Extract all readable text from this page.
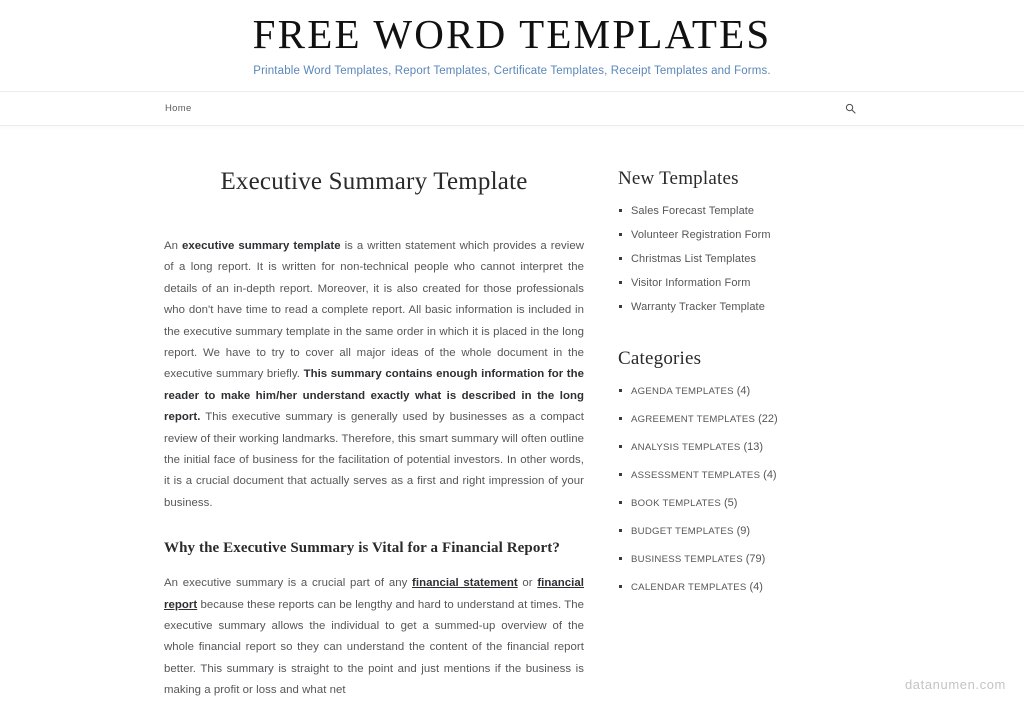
FREE WORD TEMPLATES
Printable Word Templates, Report Templates, Certificate Templates, Receipt Templates and Forms.
Home
Executive Summary Template

An executive summary template is a written statement which provides a review of a long report. It is written for non-technical people who cannot interpret the details of an in-depth report. Moreover, it is also created for those professionals who don't have time to read a complete report. All basic information is included in the executive summary template in the same order in which it is placed in the long report. We have to try to cover all major ideas of the whole document in the executive summary briefly. This summary contains enough information for the reader to make him/her understand exactly what is described in the long report. This executive summary is generally used by businesses as a compact review of their working landmarks. Therefore, this smart summary will often outline the initial face of business for the facilitation of potential investors. In other words, it is a crucial document that actually serves as a first and right impression of your business.

Why the Executive Summary is Vital for a Financial Report?

An executive summary is a crucial part of any financial statement or financial report because these reports can be lengthy and hard to understand at times. The executive summary allows the individual to get a summed-up overview of the whole financial report so they can understand the content of the financial report better. This summary is straight to the point and just mentions if the business is making a profit or loss and what net

New Templates
Sales Forecast Template
Volunteer Registration Form
Christmas List Templates
Visitor Information Form
Warranty Tracker Template
Categories
AGENDA TEMPLATES (4)
AGREEMENT TEMPLATES (22)
ANALYSIS TEMPLATES (13)
ASSESSMENT TEMPLATES (4)
BOOK TEMPLATES (5)
BUDGET TEMPLATES (9)
BUSINESS TEMPLATES (79)
CALENDAR TEMPLATES (4)
datanumen.com
